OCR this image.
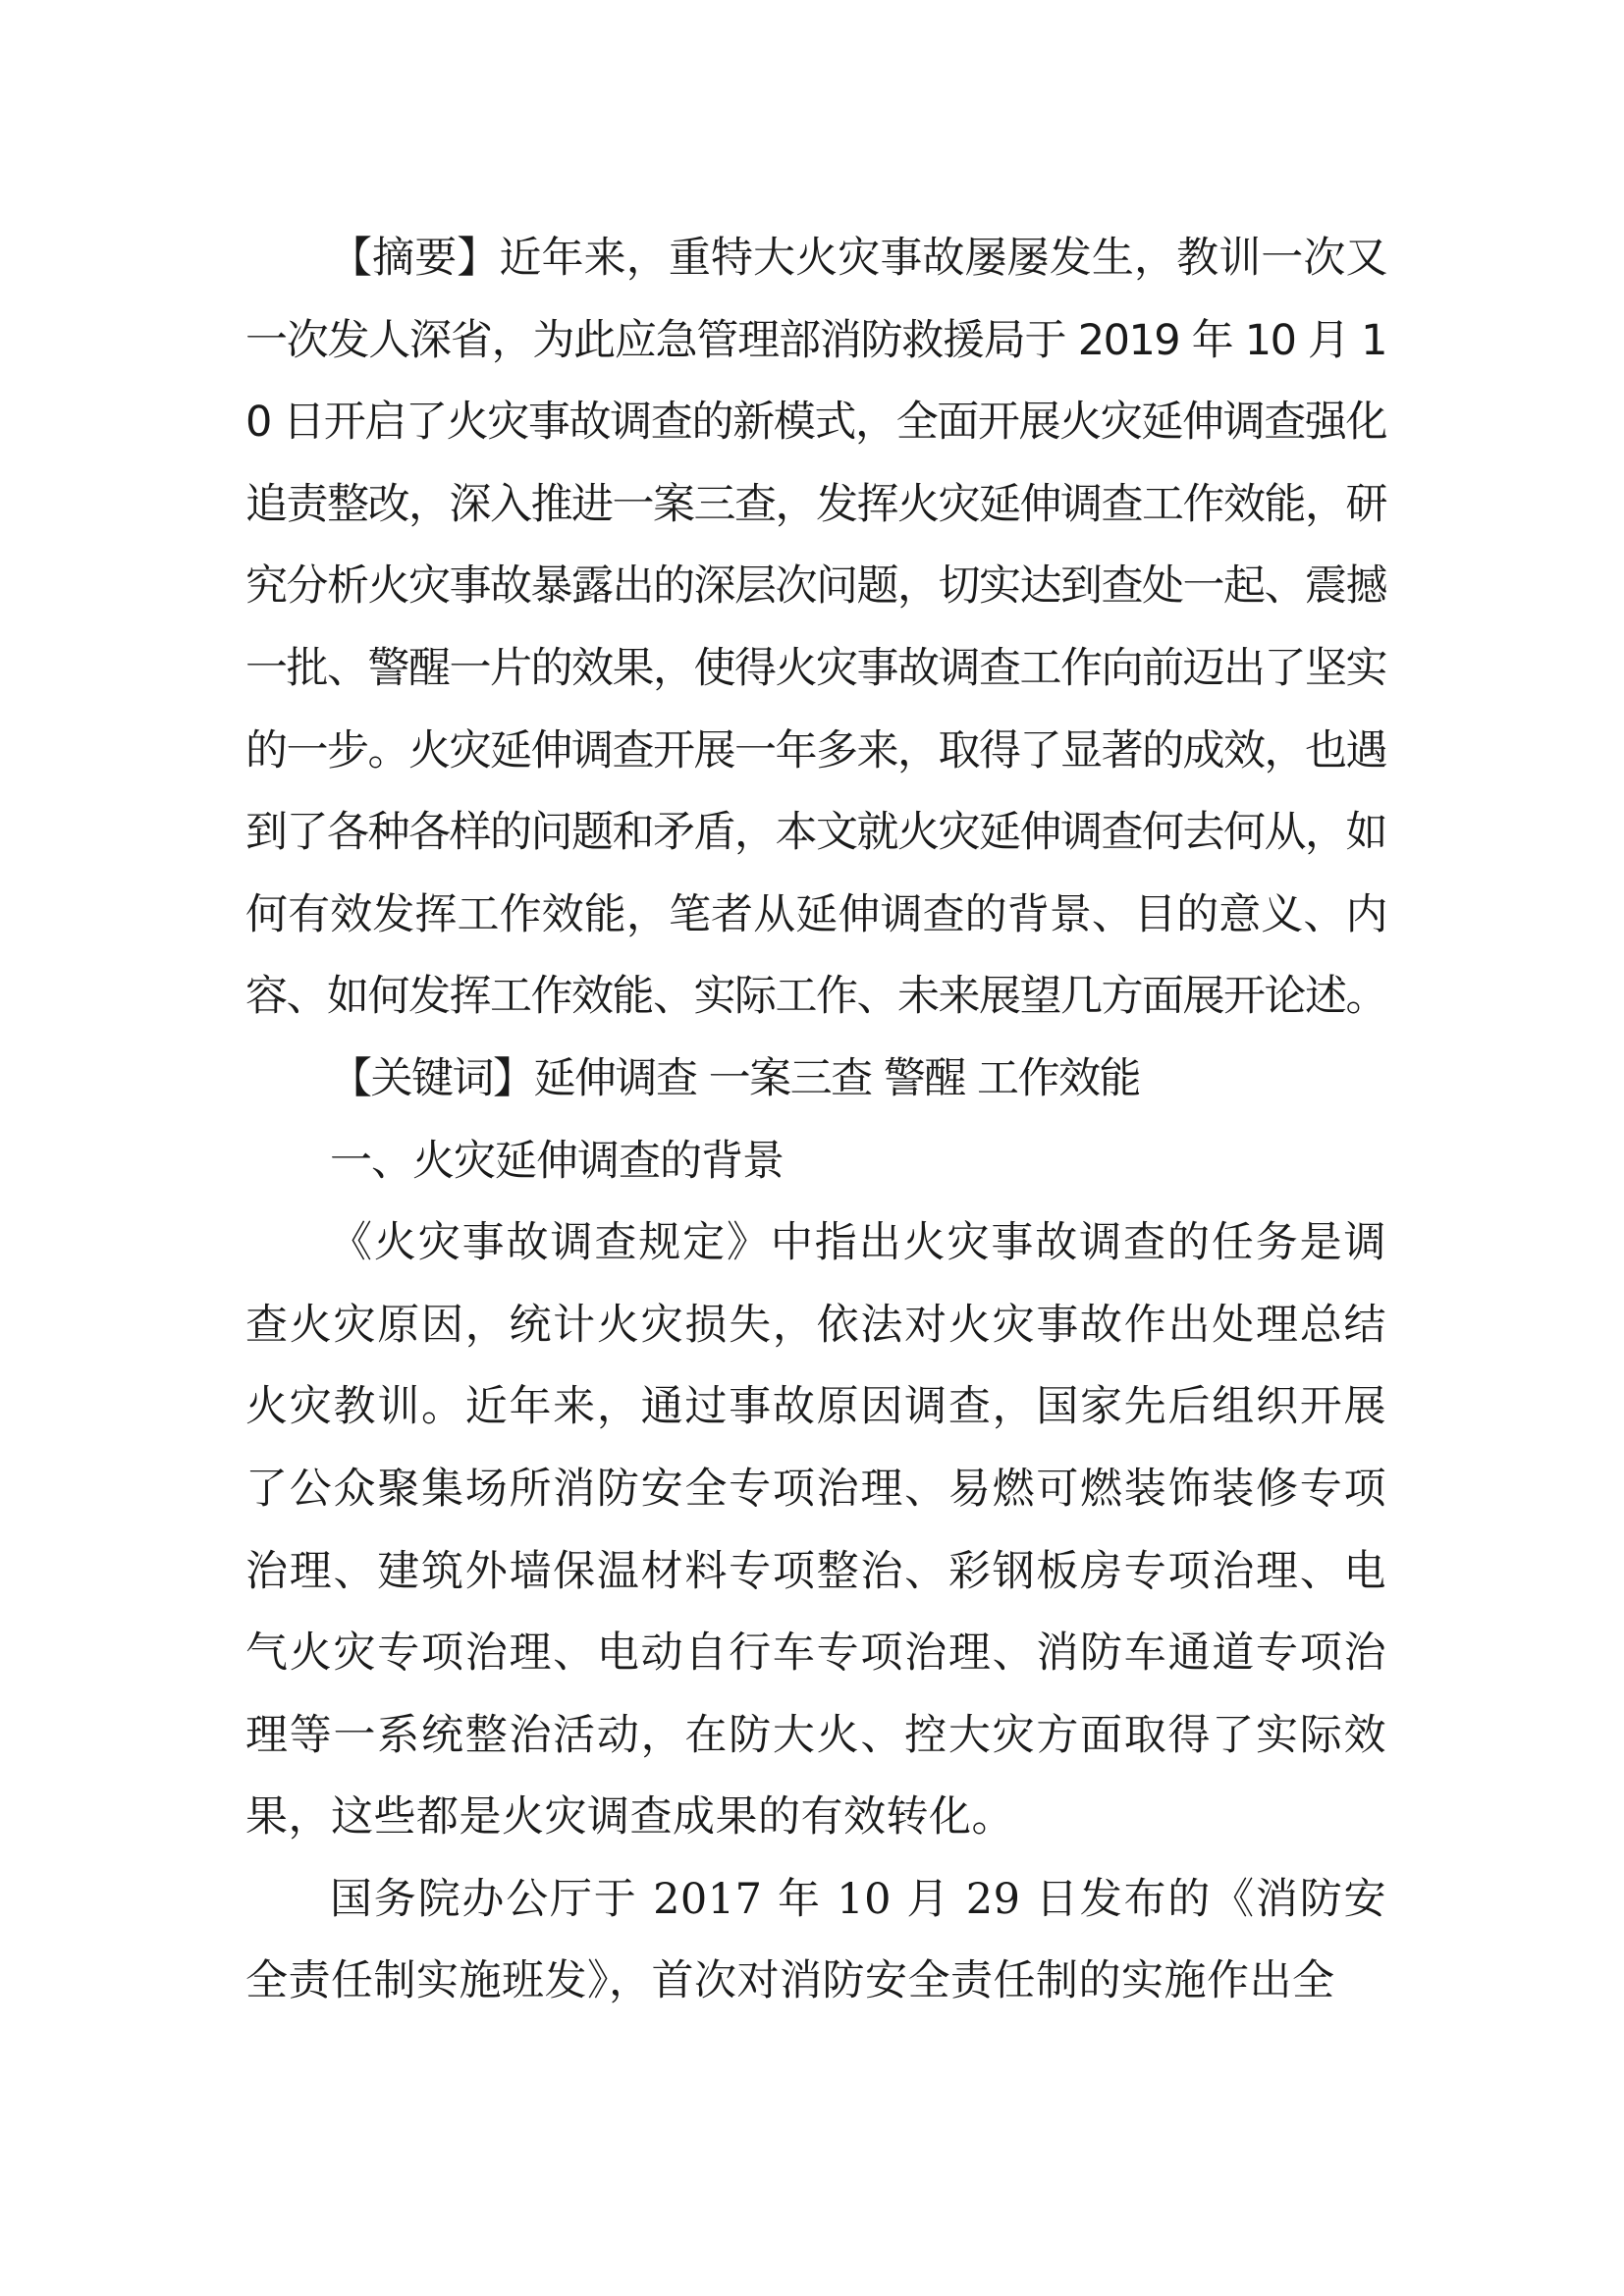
【摘要】近年来，重特大火灾事故屡屡发生，教训一次又一次发人深省，为此应急管理部消防救援局于 2019 年 10 月 10 日开启了火灾事故调查的新模式，全面开展火灾延伸调查强化追责整改，深入推进一案三查，发挥火灾延伸调查工作效能，研究分析火灾事故暴露出的深层次问题，切实达到查处一起、震撼一批、警醒一片的效果，使得火灾事故调查工作向前迈出了坚实的一步。火灾延伸调查开展一年多来，取得了显著的成效，也遇到了各种各样的问题和矛盾，本文就火灾延伸调查何去何从，如何有效发挥工作效能，笔者从延伸调查的背景、目的意义、内容、如何发挥工作效能、实际工作、未来展望几方面展开论述。

【关键词】延伸调查 一案三查 警醒 工作效能

一、火灾延伸调查的背景

《火灾事故调查规定》中指出火灾事故调查的任务是调查火灾原因，统计火灾损失，依法对火灾事故作出处理总结火灾教训。近年来，通过事故原因调查，国家先后组织开展了公众聚集场所消防安全专项治理、易燃可燃装饰装修专项治理、建筑外墙保温材料专项整治、彩钢板房专项治理、电气火灾专项治理、电动自行车专项治理、消防车通道专项治理等一系统整治活动，在防大火、控大灾方面取得了实际效果，这些都是火灾调查成果的有效转化。

国务院办公厅于 2017 年 10 月 29 日发布的《消防安全责任制实施班发》，首次对消防安全责任制的实施作出全
